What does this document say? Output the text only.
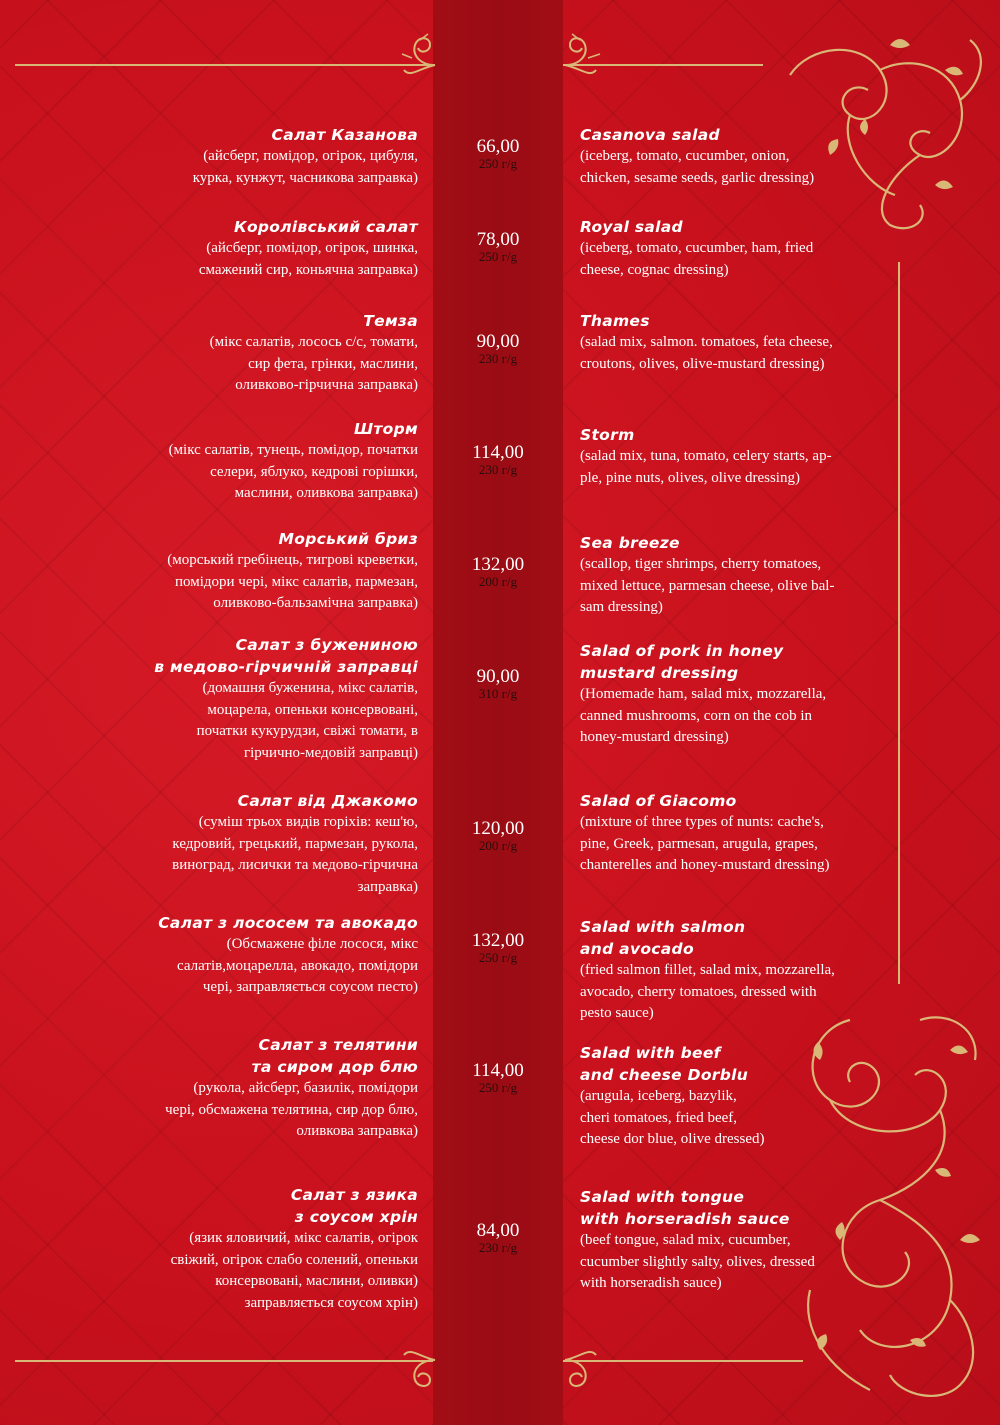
Салат Казанова
(айсберг, помідор, огірок, цибуля,
курка, кунжут, часникова заправка)
66,00
250 г/g
Casanova salad
(iceberg, tomato, cucumber, onion,
chicken, sesame seeds, garlic dressing)
Королівський салат
(айсберг, помідор, огірок, шинка,
смажений сир, коньячна заправка)
78,00
250 г/g
Royal salad
(iceberg, tomato, cucumber, ham, fried
cheese, cognac dressing)
Темза
(мікс салатів, лосось с/с, томати,
сир фета, грінки, маслини,
оливково-гірчична заправка)
90,00
230 г/g
Thames
(salad mix, salmon. tomatoes, feta cheese,
croutons, olives, olive-mustard dressing)
Шторм
(мікс салатів, тунець, помідор, початки
селери, яблуко, кедрові горішки,
маслини, оливкова заправка)
114,00
230 г/g
Storm
(salad mix, tuna, tomato, celery starts, ap-
ple, pine nuts, olives, olive dressing)
Морський бриз
(морський гребінець, тигрові креветки,
помідори чері, мікс салатів, пармезан,
оливково-бальзамічна заправка)
132,00
200 г/g
Sea breeze
(scallop, tiger shrimps, cherry tomatoes,
mixed lettuce, parmesan cheese, olive bal-
sam dressing)
Салат з бужениною
в медово-гірчичній заправці
(домашня буженина, мікс салатів,
моцарела, опеньки консервовані,
початки кукурудзи, свіжі томати, в
гірчично-медовій заправці)
90,00
310 г/g
Salad of pork in honey
mustard dressing
(Homemade ham, salad mix, mozzarella,
canned mushrooms, corn on the cob in
honey-mustard dressing)
Салат від Джакомо
(суміш трьох видів горіхів: кеш'ю,
кедровий, грецький, пармезан, рукола,
виноград, лисички та медово-гірчична
заправка)
120,00
200 г/g
Salad of Giacomo
(mixture of three types of nunts: cache's,
pine, Greek, parmesan, arugula, grapes,
chanterelles and honey-mustard dressing)
Салат з лососем та авокадо
(Обсмажене філе лосося, мікс
салатів,моцарелла, авокадо, помідори
чері, заправляється соусом песто)
132,00
250 г/g
Salad with salmon
and avocado
(fried salmon fillet, salad mix, mozzarella,
avocado, cherry tomatoes, dressed with
pesto sauce)
Салат з телятини
та сиром дор блю
(рукола, айсберг, базилік, помідори
чері, обсмажена телятина, сир дор блю,
оливкова заправка)
114,00
250 г/g
Salad with beef
and cheese Dorblu
(arugula, iceberg, bazylik,
cheri tomatoes, fried beef,
cheese dor blue, olive dressed)
Салат з язика
з соусом хрін
(язик яловичий, мікс салатів, огірок
свіжий, огірок слабо солений, опеньки
консервовані, маслини, оливки)
заправляється соусом хрін)
84,00
230 г/g
Salad with tongue
with horseradish sauce
(beef tongue, salad mix, cucumber,
cucumber slightly salty, olives, dressed
with horseradish sauce)
